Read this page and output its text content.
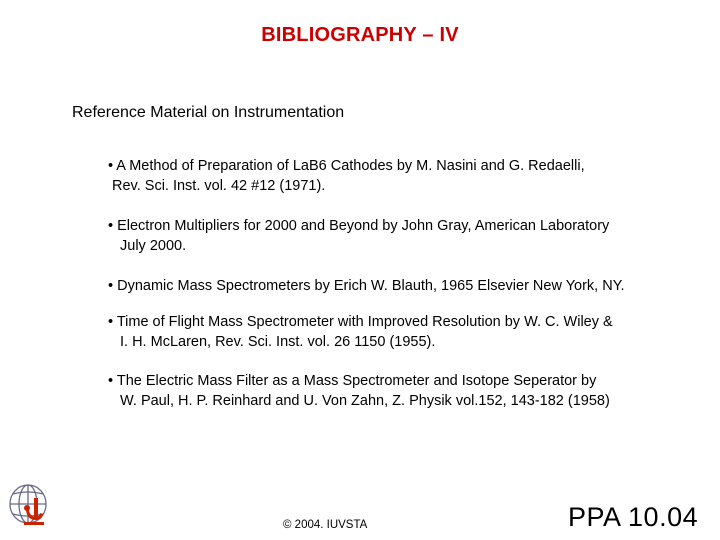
BIBLIOGRAPHY – IV
Reference Material on Instrumentation
• A Method of Preparation of LaB6 Cathodes by M. Nasini and G. Redaelli,
Rev. Sci. Inst. vol. 42 #12 (1971).
• Electron Multipliers for 2000 and Beyond by John Gray, American Laboratory
July 2000.
• Dynamic Mass Spectrometers by Erich W. Blauth, 1965 Elsevier New York, NY.
• Time of Flight Mass Spectrometer with Improved Resolution by W. C. Wiley &
I. H. McLaren, Rev. Sci. Inst. vol. 26 1150 (1955).
• The Electric Mass Filter as a Mass Spectrometer and Isotope Seperator by
W. Paul, H. P. Reinhard and U. Von Zahn, Z. Physik vol.152, 143-182 (1958)
© 2004. IUVSTA	PPA 10.04
